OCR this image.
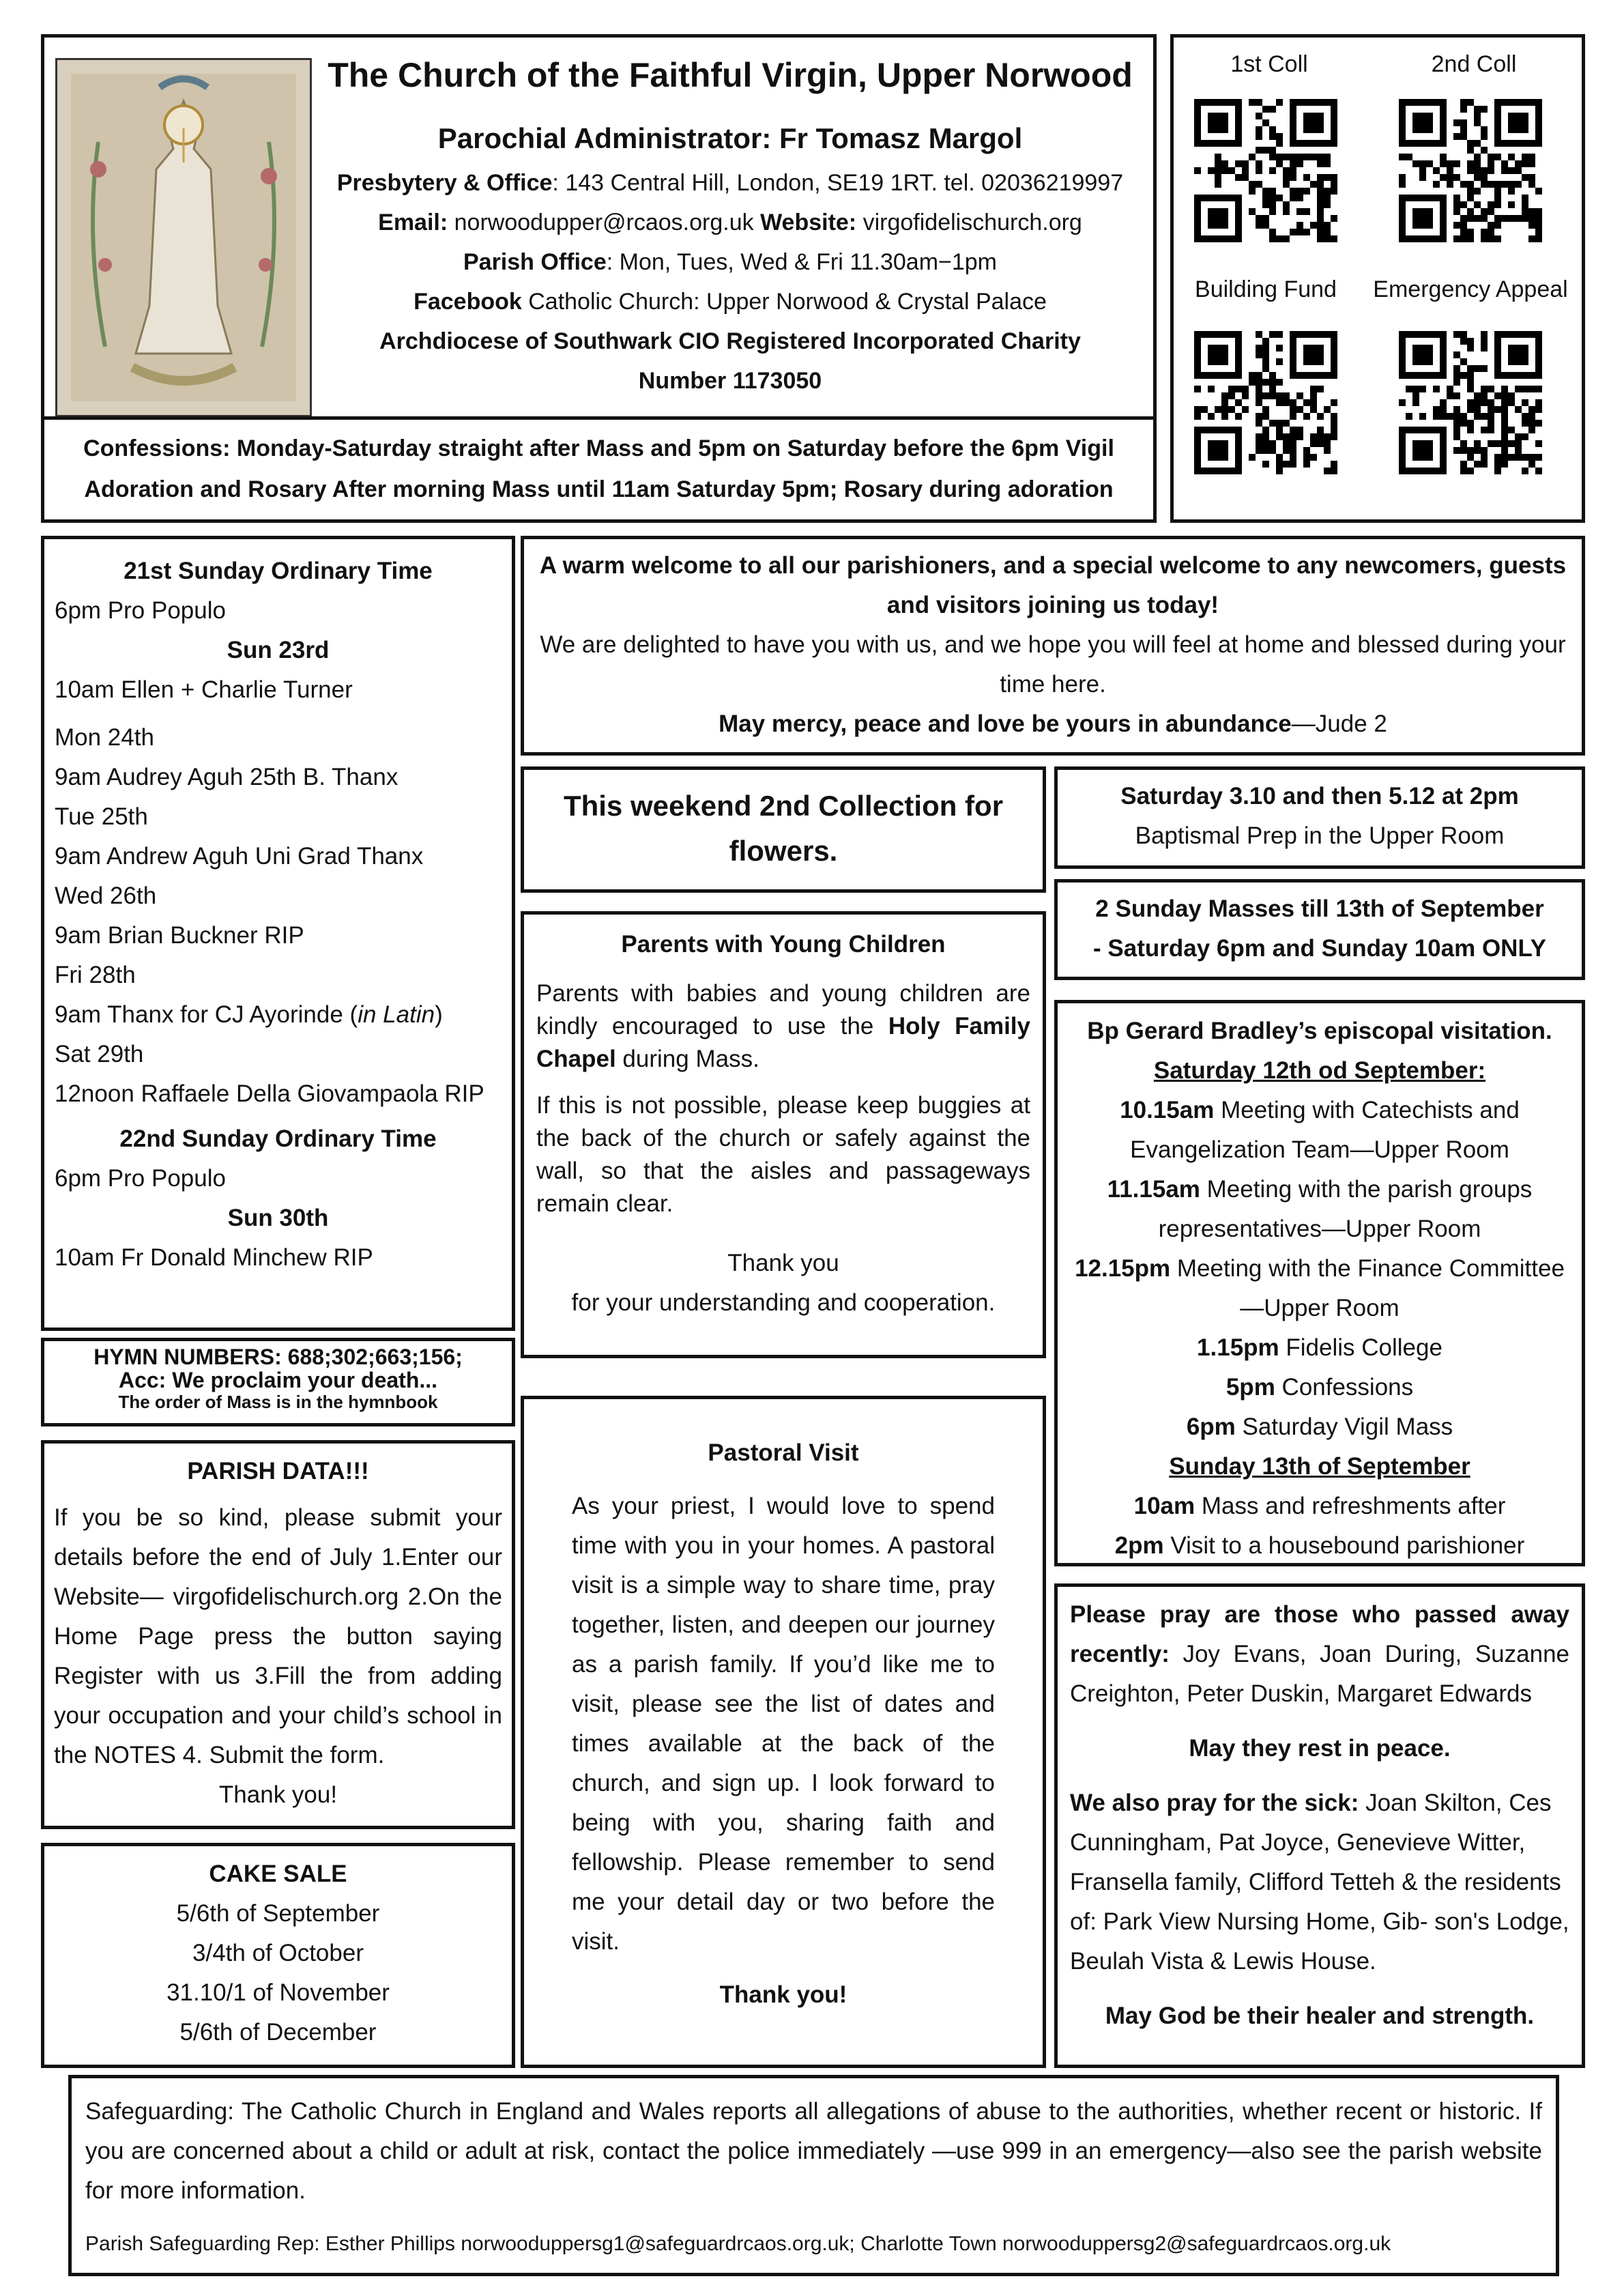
The Church of the Faithful Virgin, Upper Norwood
Parochial Administrator: Fr Tomasz Margol
Presbytery & Office: 143 Central Hill, London, SE19 1RT. tel. 02036219997
Email: norwoodupper@rcaos.org.uk Website: virgofidelischurch.org
Parish Office: Mon, Tues, Wed & Fri 11.30am−1pm
Facebook Catholic Church: Upper Norwood & Crystal Palace
Archdiocese of Southwark CIO Registered Incorporated Charity
Number 1173050
Confessions: Monday-Saturday straight after Mass and 5pm on Saturday before the 6pm Vigil
Adoration and Rosary After morning Mass until 11am Saturday 5pm; Rosary during adoration
1st Coll	2nd Coll
Building Fund	Emergency Appeal
21st Sunday Ordinary Time
6pm Pro Populo
Sun 23rd
10am Ellen + Charlie Turner
Mon 24th
9am Audrey Aguh 25th B. Thanx
Tue 25th
9am Andrew Aguh Uni Grad Thanx
Wed 26th
9am Brian Buckner RIP
Fri 28th
9am Thanx for CJ Ayorinde (in Latin)
Sat 29th
12noon Raffaele Della Giovampaola RIP
22nd Sunday Ordinary Time
6pm Pro Populo
Sun 30th
10am Fr Donald Minchew RIP
HYMN NUMBERS: 688;302;663;156;
Acc: We proclaim your death...
The order of Mass is in the hymnbook
PARISH DATA!!!
If you be so kind, please submit your details before the end of July 1.Enter our Website— virgofidelischurch.org 2.On the Home Page press the button saying Register with us 3.Fill the from adding your occupation and your child’s school in the NOTES 4. Submit the form.
Thank you!
CAKE SALE
5/6th of September
3/4th of October
31.10/1 of November
5/6th of December
A warm welcome to all our parishioners, and a special welcome to any newcomers, guests and visitors joining us today!
We are delighted to have you with us, and we hope you will feel at home and blessed during your time here.
May mercy, peace and love be yours in abundance—Jude 2
This weekend 2nd Collection for flowers.
Parents with Young Children

Parents with babies and young children are kindly encouraged to use the Holy Family Chapel during Mass.

If this is not possible, please keep buggies at the back of the church or safely against the wall, so that the aisles and passageways remain clear.

Thank you
for your understanding and cooperation.
Pastoral Visit
As your priest, I would love to spend time with you in your homes. A pastoral visit is a simple way to share time, pray together, listen, and deepen our journey as a parish family. If you’d like me to visit, please see the list of dates and times available at the back of the church, and sign up. I look forward to being with you, sharing faith and fellowship. Please remember to send me your detail day or two before the visit.
Thank you!
Saturday 3.10 and then 5.12 at 2pm
Baptismal Prep in the Upper Room
2 Sunday Masses till 13th of September
- Saturday 6pm and Sunday 10am ONLY
Bp Gerard Bradley’s episcopal visitation.
Saturday 12th od September:
10.15am Meeting with Catechists and Evangelization Team—Upper Room
11.15am Meeting with the parish groups representatives—Upper Room
12.15pm Meeting with the Finance Committee—Upper Room
1.15pm Fidelis College
5pm Confessions
6pm Saturday Vigil Mass
Sunday 13th of September
10am Mass and refreshments after
2pm Visit to a housebound parishioner

Please pray are those who passed away recently: Joy Evans, Joan During, Suzanne Creighton, Peter Duskin, Margaret Edwards

May they rest in peace.

We also pray for the sick: Joan Skilton, Ces Cunningham, Pat Joyce, Genevieve Witter, Fransella family, Clifford Tetteh & the residents of: Park View Nursing Home, Gib- son's Lodge, Beulah Vista & Lewis House.

May God be their healer and strength.
Safeguarding: The Catholic Church in England and Wales reports all allegations of abuse to the authorities, whether recent or historic. If you are concerned about a child or adult at risk, contact the police immediately —use 999 in an emergency—also see the parish website for more information.
Parish Safeguarding Rep: Esther Phillips norwooduppersg1@safeguardrcaos.org.uk; Charlotte Town norwooduppersg2@safeguardrcaos.org.uk
